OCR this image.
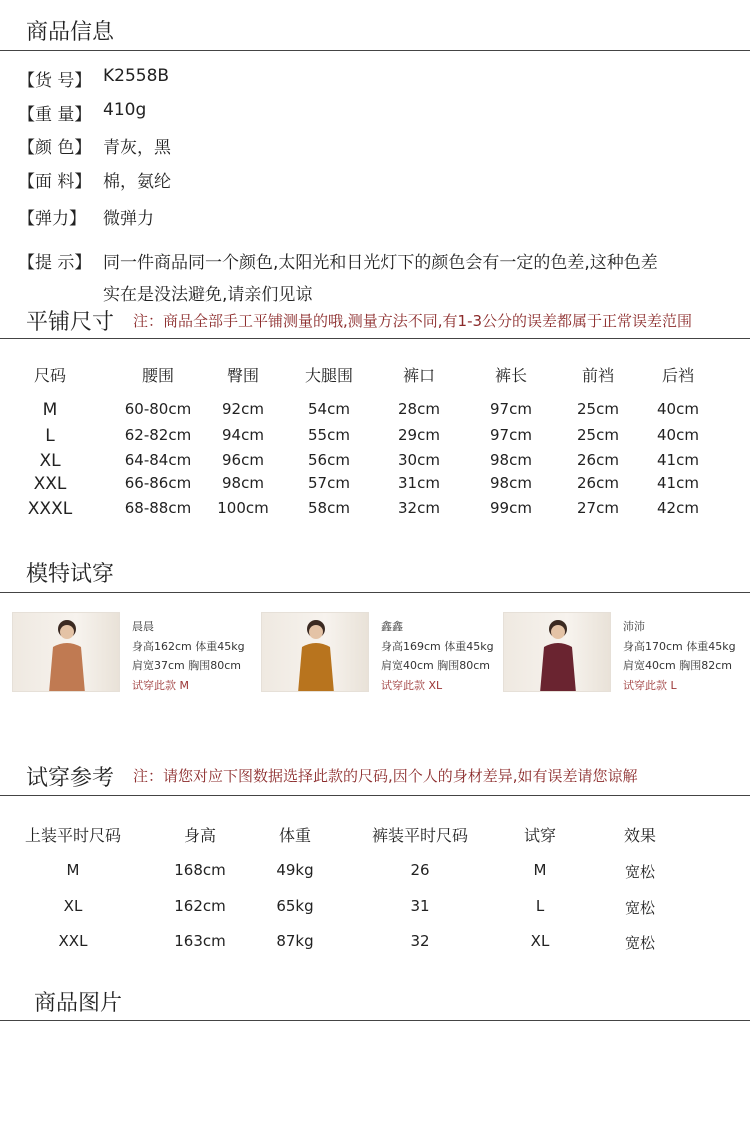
商品信息
【货 号】 K2558B
【重 量】 410g
【颜 色】 青灰，黑
【面 料】 棉，氨纶
【弹力】 微弹力
【提 示】 同一件商品同一个颜色,太阳光和日光灯下的颜色会有一定的色差,这种色差
实在是没法避免,请亲们见谅
平铺尺寸 注：商品全部手工平铺测量的哦,测量方法不同,有1-3公分的误差都属于正常误差范围
尺码	腰围	臀围	大腿围	裤口	裤长	前裆	后裆
M	60-80cm	92cm	54cm	28cm	97cm	25cm	40cm
L	62-82cm	94cm	55cm	29cm	97cm	25cm	40cm
XL	64-84cm	96cm	56cm	30cm	98cm	26cm	41cm
XXL	66-86cm	98cm	57cm	31cm	98cm	26cm	41cm
XXXL	68-88cm	100cm	58cm	32cm	99cm	27cm	42cm
模特试穿
晨晨
身高162cm 体重45kg
肩宽37cm 胸围80cm
试穿此款 M
鑫鑫
身高169cm 体重45kg
肩宽40cm 胸围80cm
试穿此款 XL
沛沛
身高170cm 体重45kg
肩宽40cm 胸围82cm
试穿此款 L
试穿参考 注：请您对应下图数据选择此款的尺码,因个人的身材差异,如有误差请您谅解
上装平时尺码	身高	体重	裤装平时尺码	试穿	效果
M	168cm	49kg	26	M	宽松
XL	162cm	65kg	31	L	宽松
XXL	163cm	87kg	32	XL	宽松
商品图片
